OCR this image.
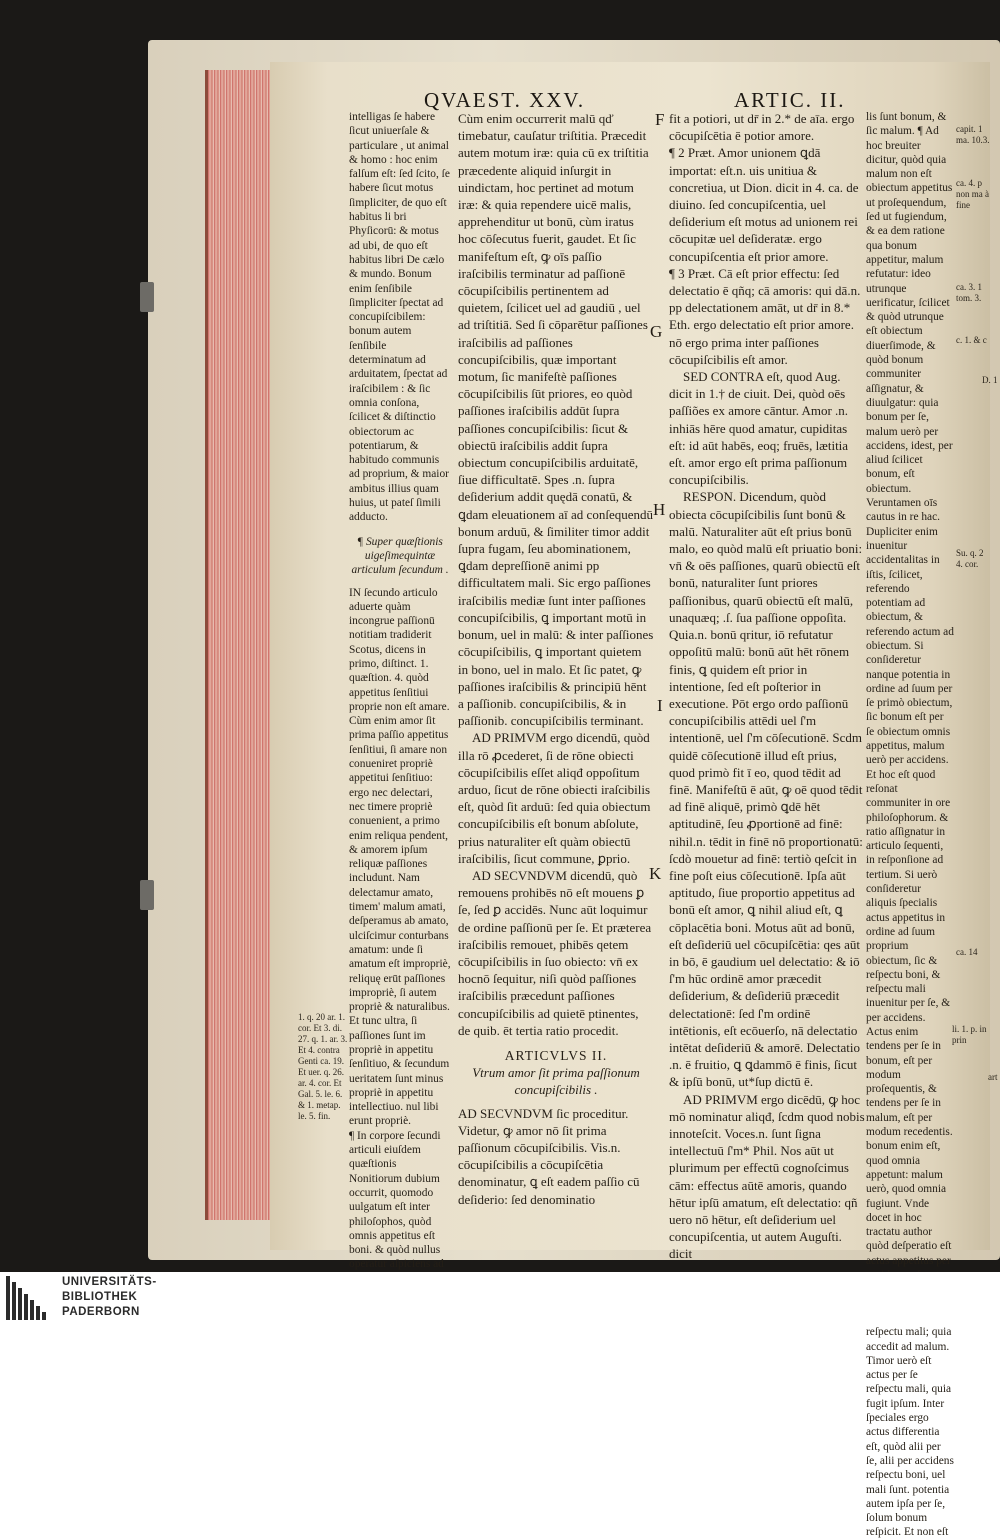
QVAEST. XXV.	ARTIC. II.

intelligas ſe habere ſicut uniuerſale & particulare , ut animal & homo : hoc enim falſum eſt: ſed ſcito, ſe habere ſicut motus ſimpliciter, de quo eſt habitus li bri Phyſicorū: & motus ad ubi, de quo eſt habitus libri De cælo & mundo. Bonum enim ſenſibile ſimpliciter ſpectat ad concupiſcibilem: bonum autem ſenſibile determinatum ad arduitatem, ſpectat ad iraſcibilem : & ſic omnia conſona, ſcilicet & diſtinctio obiectorum ac potentiarum, & habitudo communis ad proprium, & maior ambitus illius quam huius, ut pateſ ſimili adducto.

¶ Super quæſtionis uigeſimequintæ articulum ſecundum .

IN ſecundo articulo aduerte quàm incongrue paſſionū notitiam tradiderit Scotus, dicens in primo, diſtinct. 1. quæſtion. 4. quòd appetitus ſenſitiui proprie non eſt amare. Cùm enim amor ſit prima paſſio appetitus ſenſitiui, ſi amare non conueniret propriè appetitui ſenſitiuo: ergo nec delectari, nec timere propriè conuenient, a primo enim reliqua pendent, & amorem ipſum reliquæ paſſiones includunt. Nam delectamur amato, timem' malum amati, deſperamus ab amato, ulciſcimur conturbans amatum: unde ſi amatum eſt impropriè, reliquę erūt paſſiones impropriè, ſi autem propriè & naturalibus. Et tunc ultra, ſi paſſiones ſunt im propriè in appetitu ſenſitiuo, & ſecundum ueritatem ſunt minus propriè in appetitu intellectiuo. nul libi erunt propriè.

¶ In corpore ſecundi articuli eiuſdem quæſtionis Nonitiorum dubium occurrit, quomodo uulgatum eſt inter philoſophos, quòd omnis appetitus eſt boni. & quòd nullus operatur aſpiciens ad

1. q. 20 ar. 1. cor. Et 3. di. 27. q. 1. ar. 3. Et 4. contra Genti ca. 19. Et uer. q. 26. ar. 4. cor. Et Gal. 5. le. 6. & 1. metap. le. 5. fin.

Cùm enim occurrerit malū qď timebatur, cauſatur triſtitia. Præcedit autem motum iræ: quia cū ex triſtitia præcedente aliquid inſurgit in uindictam, hoc pertinet ad motum iræ: & quia rependere uicē malis, apprehenditur ut bonū, cùm iratus hoc cōſecutus fuerit, gaudet. Et ſic manifeſtum eſt, ꝙ oīs paſſio iraſcibilis terminatur ad paſſionē cōcupiſcibilis pertinentem ad quietem, ſcilicet uel ad gaudiū , uel ad triſtitiā. Sed ſi cōparētur paſſiones iraſcibilis ad paſſiones concupiſcibilis, quæ important motum, ſic manifeſtè paſſiones cōcupiſcibilis ſūt priores, eo quòd paſſiones iraſcibilis addūt ſupra paſſiones concupiſcibilis: ſicut & obiectū iraſcibilis addit ſupra obiectum concupiſcibilis arduitatē, ſiue difficultatē. Spes .n. ſupra deſiderium addit quędā conatū, & ꝗdam eleuationem aī ad conſequendū bonum arduū, & ſimiliter timor addit ſupra fugam, ſeu abominationem, ꝗdam depreſſionē animi pp difficultatem mali. Sic ergo paſſiones iraſcibilis mediæ ſunt inter paſſiones concupiſcibilis, ꝗ important motū in bonum, uel in malū: & inter paſſiones cōcupiſcibilis, ꝗ important quietem in bono, uel in malo. Et ſic patet, ꝙ paſſiones iraſcibilis & principiū hēnt a paſſionib. concupiſcibilis, & in paſſionib. concupiſcibilis terminant.

AD PRIMVM ergo dicendū, quòd illa rō ꝓcederet, ſi de rōne obiecti cōcupiſcibilis eſſet aliqđ oppoſitum arduo, ſicut de rōne obiecti iraſcibilis eſt, quòd ſit arduū: ſed quia obiectum concupiſcibilis eſt bonum abſolute, prius naturaliter eſt quàm obiectū iraſcibilis, ſicut commune, ꝑprio.

AD SECVNDVM dicendū, quò remouens prohibēs nō eſt mouens ꝑ ſe, ſed ꝑ accidēs. Nunc aūt loquimur de ordine paſſionū per ſe. Et præterea iraſcibilis remouet, phibēs qetem cōcupiſcibilis in ſuo obiecto: vn̄ ex hocnō ſequitur, niſi quòd paſſiones iraſcibilis præcedunt paſſiones concupiſcibilis ad quietē ptinentes, de quib. ēt tertia ratio procedit.

ARTICVLVS II.

Vtrum amor ſit prima paſſionum concupiſcibilis .

AD SECVNDVM ſic proceditur. Videtur, ꝙ amor nō ſit prima paſſionum cōcupiſcibilis. Vis.n. cōcupiſcibilis a cōcupiſcētia denominatur, ꝗ eſt eadem paſſio cū deſiderio: ſed denominatio

fit a potiori, ut dr̄ in 2.* de aīa. ergo cōcupiſcētia ē potior amore.

¶ 2 Præt. Amor unionem ꝗdā importat: eſt.n. uis unitiua & concretiua, ut Dion. dicit in 4. ca. de diuino. ſed concupiſcentia, uel deſiderium eſt motus ad unionem rei cōcupitæ uel deſideratæ. ergo concupiſcentia eſt prior amore.

¶ 3 Præt. Cā eſt prior effectu: ſed delectatio ē qñq; cā amoris: qui dā.n. pp delectationem amāt, ut dr̄ in 8.* Eth. ergo delectatio eſt prior amore. nō ergo prima inter paſſiones cōcupiſcibilis eſt amor.

SED CONTRA eſt, quod Aug. dicit in 1.† de ciuit. Dei, quòd oēs paſſiões ex amore cāntur. Amor .n. inhiās hēre quod amatur, cupiditas eſt: id aūt habēs, eoq; fruēs, lætitia eſt. amor ergo eſt prima paſſionum concupiſcibilis.

RESPON. Dicendum, quòd obiecta cōcupiſcibilis ſunt bonū & malū. Naturaliter aūt eſt prius bonū malo, eo quòd malū eſt priuatio boni: vn̄ & oēs paſſiones, quarū obiectū eſt bonū, naturaliter ſunt priores paſſionibus, quarū obiectū eſt malū, unaquæq; .ſ. ſua paſſione oppoſita. Quia.n. bonū qritur, iō refutatur oppoſitū malū: bonū aūt hēt rōnem finis, ꝗ quidem eſt prior in intentione, ſed eſt poſterior in executione. Pōt ergo ordo paſſionū concupiſcibilis attēdi uel ſ'm intentionē, uel ſ'm cōſecutionē. Scdm quidē cōſecutionē illud eſt prius, quod primò fit ī eo, quod tēdit ad finē. Manifeſtū ē aūt, ꝙ oē quod tēdit ad finē aliquē, primò ꝗdē hēt aptitudinē, ſeu ꝓportionē ad finē: nihil.n. tēdit in finē nō proportionatū: ſcdò mouetur ad finē: tertiò qeſcit in fine poſt eius cōſecutionē. Ipſa aūt aptitudo, ſiue proportio appetitus ad bonū eſt amor, ꝗ nihil aliud eſt, ꝗ cōplacētia boni. Motus aūt ad bonū, eſt deſideriū uel cōcupiſcētia: qes aūt in bō, ē gaudium uel delectatio: & iō ſ'm hūc ordinē amor præcedit deſiderium, & deſideriū præcedit delectationē: ſed ſ'm ordinē intētionis, eſt ecōuerſo, nā delectatio intētat deſideriū & amorē. Delectatio .n. ē fruitio, ꝗ ꝗdammō ē finis, ſicut & ipſū bonū, ut*ſup dictū ē.

AD PRIMVM ergo dicēdū, ꝙ hoc mō nominatur aliqđ, ſcdm quod nobis innoteſcit. Voces.n. ſunt ſigna intellectuū ſ'm* Phil. Nos aūt ut plurimum per effectū cognoſcimus cām: effectus aūtē amoris, quando hētur ipſū amatum, eſt delectatio: qñ uero nō hētur, eſt deſiderium uel concupiſcentia, ut autem Auguſti. dicit

lis ſunt bonum, & ſic malum. ¶ Ad hoc breuiter dicitur, quòd quia malum non eſt obiectum appetitus ut proſequendum, ſed ut fugiendum, & ea dem ratione qua bonum appetitur, malum refutatur: ideo utrunque uerificatur, ſcilicet & quòd utrunque eſt obiectum diuerſimode, & quòd bonum communiter aſſignatur, & diuulgatur: quia bonum per ſe, malum uerò per accidens, idest, per aliud ſcilicet bonum, eſt obiectum. Veruntamen oīs cautus in re hac. Dupliciter enim inuenitur accidentalitas in iſtis, ſcilicet, referendo potentiam ad obiectum, & referendo actum ad obiectum. Si conſideretur nanque potentia in ordine ad ſuum per ſe primò obiectum, ſic bonum eſt per ſe obiectum omnis appetitus, malum uerò per accidens. Et hoc eſt quod reſonat communiter in ore philoſophorum. & ratio aſſignatur in articulo ſequenti, in reſponſione ad tertium. Si uerò conſideretur aliquis ſpecialis actus appetitus in ordine ad ſuum proprium obiectum, ſic & reſpectu boni, & reſpectu mali inuenitur per ſe, & per accidens. Actus enim tendens per ſe in bonum, eſt per modum proſequentis, & tendens per ſe in malum, eſt per modum recedentis. bonum enim eſt, quod omnia appetunt: malum uerò, quod omnia fugiunt. Vnde docet in hoc tractatu author quòd deſperatio eſt actus appetitus per reſpectu mali; quia accedit ad malum. Timor uerò eſt actus per ſe reſpectu mali, quia fugit ipſum. Inter ſpeciales ergo actus differentia eſt, quòd alii per ſe, alii per accidens reſpectu boni, uel mali ſunt. potentia autem ipſa per ſe, ſolum bonum reſpicit. Et non eſt

capit. 1 ma. 10.3.
ca. 4. p non ma à fine
ca. 3. 1 tom. 3.
c. 1. & c
D. 1
Su. q. 2 4. cor.
ca. 14
li. 1. p. in prin
art
F
G
H
I
K
UNIVERSITÄTS-
BIBLIOTHEK
PADERBORN
